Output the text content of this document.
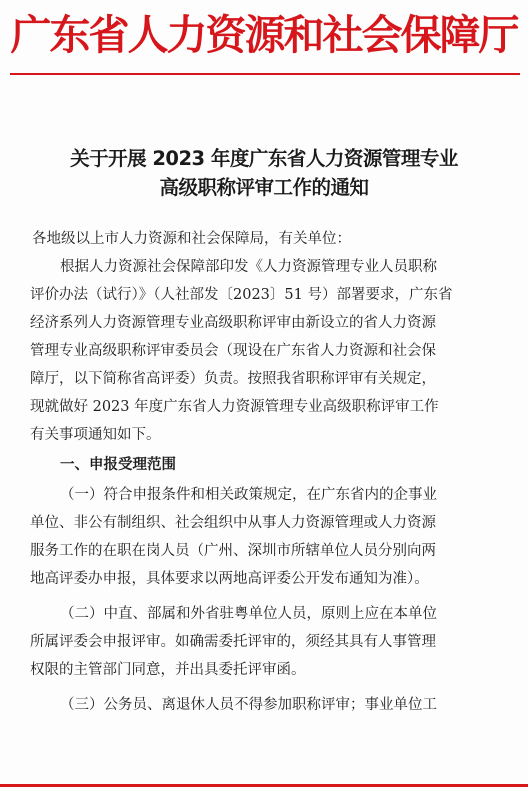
广东省人力资源和社会保障厅
关于开展 2023 年度广东省人力资源管理专业
高级职称评审工作的通知
各地级以上市人力资源和社会保障局，有关单位：
根据人力资源社会保障部印发《人力资源管理专业人员职称
评价办法（试行）》（人社部发〔2023〕51 号）部署要求，广东省
经济系列人力资源管理专业高级职称评审由新设立的省人力资源
管理专业高级职称评审委员会（现设在广东省人力资源和社会保
障厅，以下简称省高评委）负责。按照我省职称评审有关规定，
现就做好 2023 年度广东省人力资源管理专业高级职称评审工作
有关事项通知如下。
一、申报受理范围
（一）符合申报条件和相关政策规定，在广东省内的企事业
单位、非公有制组织、社会组织中从事人力资源管理或人力资源
服务工作的在职在岗人员（广州、深圳市所辖单位人员分别向两
地高评委办申报，具体要求以两地高评委公开发布通知为准）。
（二）中直、部属和外省驻粤单位人员，原则上应在本单位
所属评委会申报评审。如确需委托评审的，须经其具有人事管理
权限的主管部门同意，并出具委托评审函。
（三）公务员、离退休人员不得参加职称评审；事业单位工
